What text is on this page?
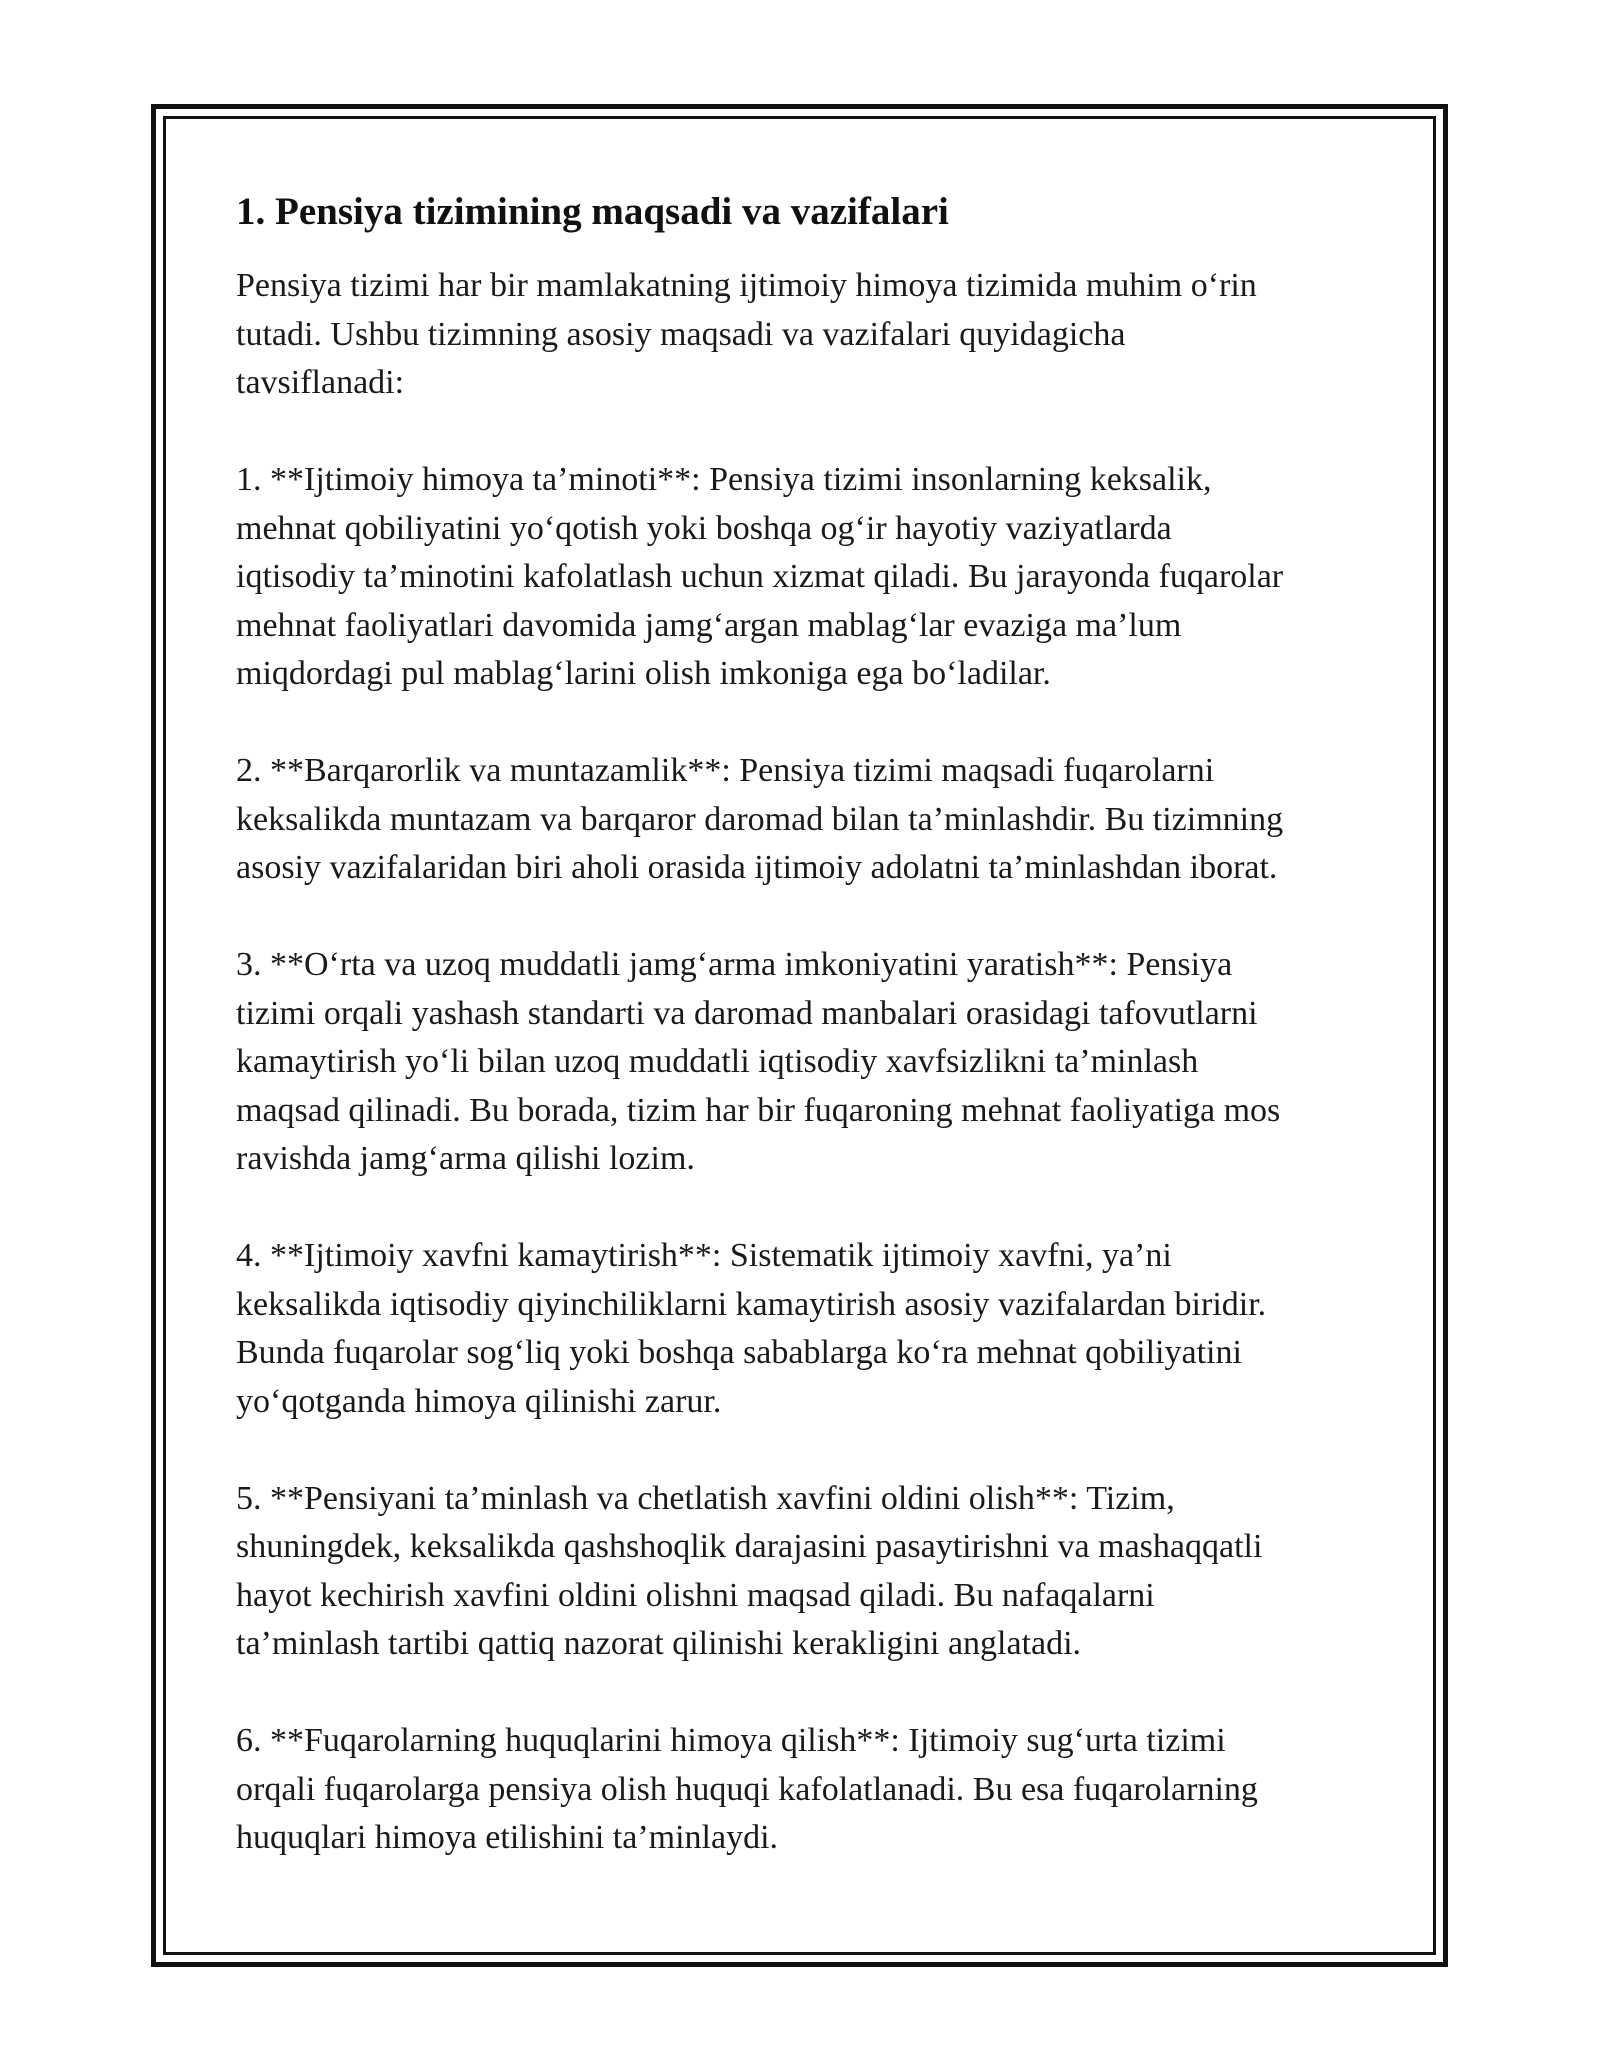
1. Pensiya tizimining maqsadi va vazifalari

Pensiya tizimi har bir mamlakatning ijtimoiy himoya tizimida muhim o‘rin
tutadi. Ushbu tizimning asosiy maqsadi va vazifalari quyidagicha
tavsiflanadi:

1. **Ijtimoiy himoya ta’minoti**: Pensiya tizimi insonlarning keksalik,
mehnat qobiliyatini yo‘qotish yoki boshqa og‘ir hayotiy vaziyatlarda
iqtisodiy ta’minotini kafolatlash uchun xizmat qiladi. Bu jarayonda fuqarolar
mehnat faoliyatlari davomida jamg‘argan mablag‘lar evaziga ma’lum
miqdordagi pul mablag‘larini olish imkoniga ega bo‘ladilar.

2. **Barqarorlik va muntazamlik**: Pensiya tizimi maqsadi fuqarolarni
keksalikda muntazam va barqaror daromad bilan ta’minlashdir. Bu tizimning
asosiy vazifalaridan biri aholi orasida ijtimoiy adolatni ta’minlashdan iborat.

3. **O‘rta va uzoq muddatli jamg‘arma imkoniyatini yaratish**: Pensiya
tizimi orqali yashash standarti va daromad manbalari orasidagi tafovutlarni
kamaytirish yo‘li bilan uzoq muddatli iqtisodiy xavfsizlikni ta’minlash
maqsad qilinadi. Bu borada, tizim har bir fuqaroning mehnat faoliyatiga mos
ravishda jamg‘arma qilishi lozim.

4. **Ijtimoiy xavfni kamaytirish**: Sistematik ijtimoiy xavfni, ya’ni
keksalikda iqtisodiy qiyinchiliklarni kamaytirish asosiy vazifalardan biridir.
Bunda fuqarolar sog‘liq yoki boshqa sabablarga ko‘ra mehnat qobiliyatini
yo‘qotganda himoya qilinishi zarur.

5. **Pensiyani ta’minlash va chetlatish xavfini oldini olish**: Tizim,
shuningdek, keksalikda qashshoqlik darajasini pasaytirishni va mashaqqatli
hayot kechirish xavfini oldini olishni maqsad qiladi. Bu nafaqalarni
ta’minlash tartibi qattiq nazorat qilinishi kerakligini anglatadi.

6. **Fuqarolarning huquqlarini himoya qilish**: Ijtimoiy sug‘urta tizimi
orqali fuqarolarga pensiya olish huquqi kafolatlanadi. Bu esa fuqarolarning
huquqlari himoya etilishini ta’minlaydi.
